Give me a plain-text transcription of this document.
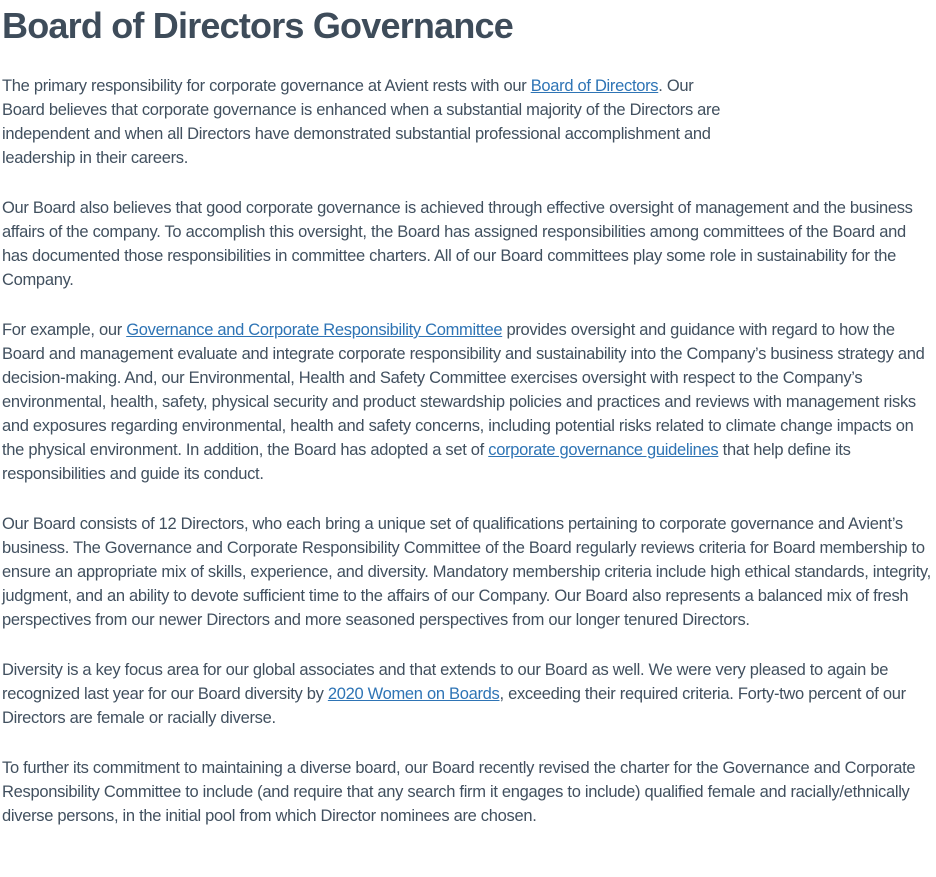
Board of Directors Governance

The primary responsibility for corporate governance at Avient rests with our Board of Directors. Our Board believes that corporate governance is enhanced when a substantial majority of the Directors are independent and when all Directors have demonstrated substantial professional accomplishment and leadership in their careers.

Our Board also believes that good corporate governance is achieved through effective oversight of management and the business affairs of the company. To accomplish this oversight, the Board has assigned responsibilities among committees of the Board and has documented those responsibilities in committee charters. All of our Board committees play some role in sustainability for the Company.

For example, our Governance and Corporate Responsibility Committee provides oversight and guidance with regard to how the Board and management evaluate and integrate corporate responsibility and sustainability into the Company’s business strategy and decision-making. And, our Environmental, Health and Safety Committee exercises oversight with respect to the Company’s environmental, health, safety, physical security and product stewardship policies and practices and reviews with management risks and exposures regarding environmental, health and safety concerns, including potential risks related to climate change impacts on the physical environment. In addition, the Board has adopted a set of corporate governance guidelines that help define its responsibilities and guide its conduct.

Our Board consists of 12 Directors, who each bring a unique set of qualifications pertaining to corporate governance and Avient’s business. The Governance and Corporate Responsibility Committee of the Board regularly reviews criteria for Board membership to ensure an appropriate mix of skills, experience, and diversity. Mandatory membership criteria include high ethical standards, integrity, judgment, and an ability to devote sufficient time to the affairs of our Company. Our Board also represents a balanced mix of fresh perspectives from our newer Directors and more seasoned perspectives from our longer tenured Directors.

Diversity is a key focus area for our global associates and that extends to our Board as well. We were very pleased to again be recognized last year for our Board diversity by 2020 Women on Boards, exceeding their required criteria. Forty-two percent of our Directors are female or racially diverse.

To further its commitment to maintaining a diverse board, our Board recently revised the charter for the Governance and Corporate Responsibility Committee to include (and require that any search firm it engages to include) qualified female and racially/ethnically diverse persons, in the initial pool from which Director nominees are chosen.
